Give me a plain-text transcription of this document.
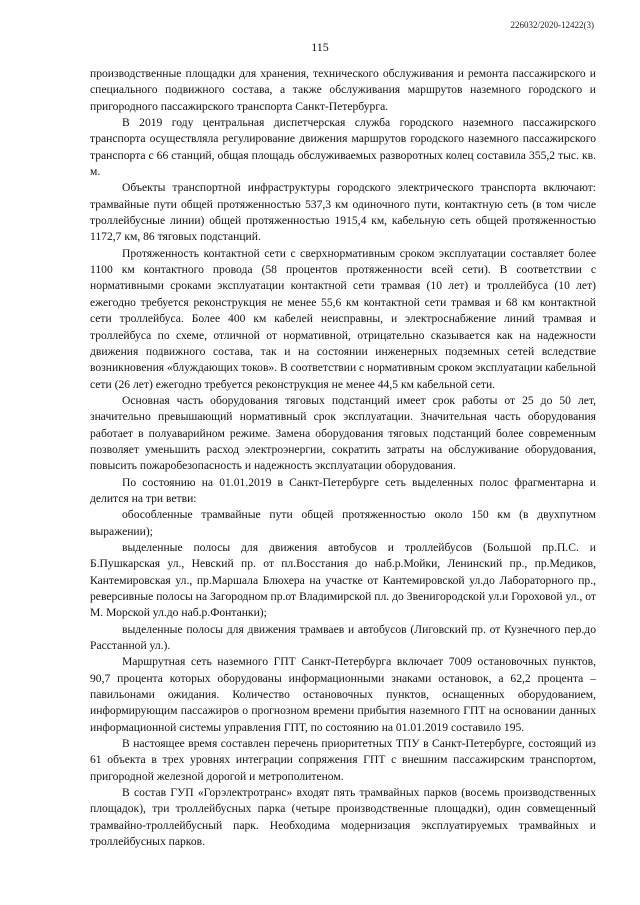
226032/2020-12422(3)
115

производственные площадки для хранения, технического обслуживания и ремонта пассажирского и специального подвижного состава, а также обслуживания маршрутов наземного городского и пригородного пассажирского транспорта Санкт-Петербурга.

В 2019 году центральная диспетчерская служба городского наземного пассажирского транспорта осуществляла регулирование движения маршрутов городского наземного пассажирского транспорта с 66 станций, общая площадь обслуживаемых разворотных колец составила 355,2 тыс. кв. м.

Объекты транспортной инфраструктуры городского электрического транспорта включают: трамвайные пути общей протяженностью 537,3 км одиночного пути, контактную сеть (в том числе троллейбусные линии) общей протяженностью 1915,4 км, кабельную сеть общей протяженностью 1172,7 км, 86 тяговых подстанций.

Протяженность контактной сети с сверхнормативным сроком эксплуатации составляет более 1100 км контактного провода (58 процентов протяженности всей сети). В соответствии с нормативными сроками эксплуатации контактной сети трамвая (10 лет) и троллейбуса (10 лет) ежегодно требуется реконструкция не менее 55,6 км контактной сети трамвая и 68 км контактной сети троллейбуса. Более 400 км кабелей неисправны, и электроснабжение линий трамвая и троллейбуса по схеме, отличной от нормативной, отрицательно сказывается как на надежности движения подвижного состава, так и на состоянии инженерных подземных сетей вследствие возникновения «блуждающих токов». В соответствии с нормативным сроком эксплуатации кабельной сети (26 лет) ежегодно требуется реконструкция не менее 44,5 км кабельной сети.

Основная часть оборудования тяговых подстанций имеет срок работы от 25 до 50 лет, значительно превышающий нормативный срок эксплуатации. Значительная часть оборудования работает в полуаварийном режиме. Замена оборудования тяговых подстанций более современным позволяет уменьшить расход электроэнергии, сократить затраты на обслуживание оборудования, повысить пожаробезопасность и надежность эксплуатации оборудования.

По состоянию на 01.01.2019 в Санкт-Петербурге сеть выделенных полос фрагментарна и делится на три ветви:

обособленные трамвайные пути общей протяженностью около 150 км (в двухпутном выражении);

выделенные полосы для движения автобусов и троллейбусов (Большой пр.П.С. и Б.Пушкарская ул., Невский пр. от пл.Восстания до наб.р.Мойки, Ленинский пр., пр.Медиков, Кантемировская ул., пр.Маршала Блюхера на участке от Кантемировской ул.до Лабораторного пр., реверсивные полосы на Загородном пр.от Владимирской пл. до Звенигородской ул.и Гороховой ул., от М. Морской ул.до наб.р.Фонтанки);

выделенные полосы для движения трамваев и автобусов (Лиговский пр. от Кузнечного пер.до Расстанной ул.).

Маршрутная сеть наземного ГПТ Санкт-Петербурга включает 7009 остановочных пунктов, 90,7 процента которых оборудованы информационными знаками остановок, а 62,2 процента – павильонами ожидания. Количество остановочных пунктов, оснащенных оборудованием, информирующим пассажиров о прогнозном времени прибытия наземного ГПТ на основании данных информационной системы управления ГПТ, по состоянию на 01.01.2019 составило 195.

В настоящее время составлен перечень приоритетных ТПУ в Санкт-Петербурге, состоящий из 61 объекта в трех уровнях интеграции сопряжения ГПТ с внешним пассажирским транспортом, пригородной железной дорогой и метрополитеном.

В состав ГУП «Горэлектротранс» входят пять трамвайных парков (восемь производственных площадок), три троллейбусных парка (четыре производственные площадки), один совмещенный трамвайно-троллейбусный парк. Необходима модернизация эксплуатируемых трамвайных и троллейбусных парков.
